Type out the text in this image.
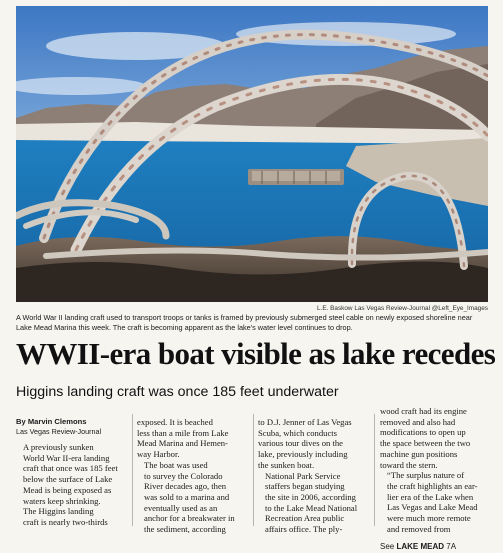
L.E. Baskow Las Vegas Review-Journal @Left_Eye_Images
A World War II landing craft used to transport troops or tanks is framed by previously submerged steel cable on newly exposed shoreline near Lake Mead Marina this week. The craft is becoming apparent as the lake's water level continues to drop.
WWII-era boat visible as lake recedes
Higgins landing craft was once 185 feet underwater
By Marvin Clemons
Las Vegas Review-Journal

A previously sunken
World War II-era landing
craft that once was 185 feet
below the surface of Lake
Mead is being exposed as
waters keep shrinking.

The Higgins landing
craft is nearly two-thirds

exposed. It is beached
less than a mile from Lake
Mead Marina and Hemen-
way Harbor.

The boat was used
to survey the Colorado
River decades ago, then
was sold to a marina and
eventually used as an
anchor for a breakwater in
the sediment, according

to D.J. Jenner of Las Vegas
Scuba, which conducts
various tour dives on the
lake, previously including
the sunken boat.

National Park Service
staffers began studying
the site in 2006, according
to the Lake Mead National
Recreation Area public
affairs office. The ply-

wood craft had its engine
removed and also had
modifications to open up
the space between the two
machine gun positions
toward the stern.

“The surplus nature of
the craft highlights an ear-
lier era of the Lake when
Las Vegas and Lake Mead
were much more remote
and removed from

See LAKE MEAD 7A
